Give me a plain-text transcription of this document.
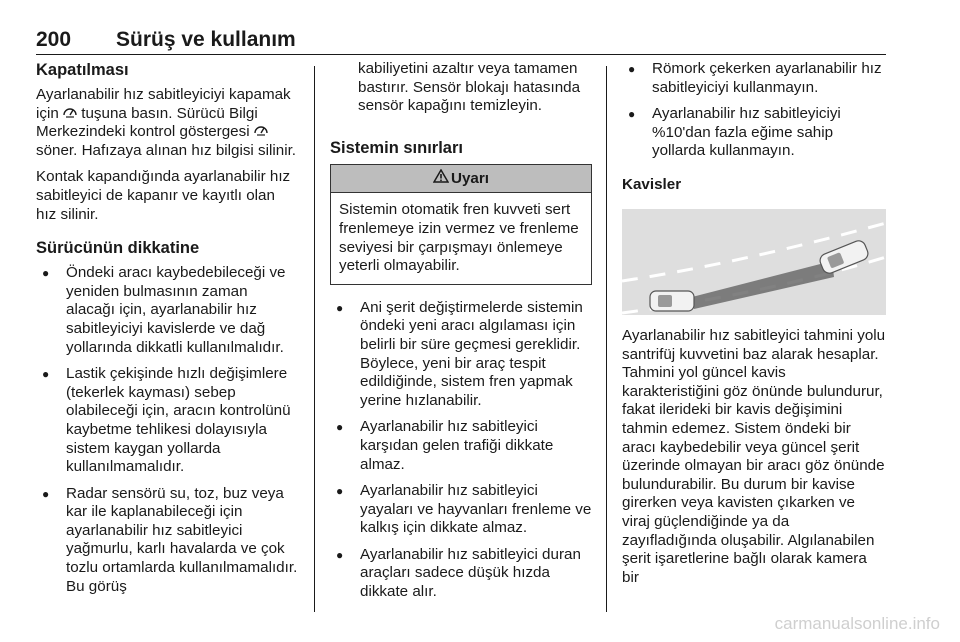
200 Sürüş ve kullanım
Kapatılması

Ayarlanabilir hız sabitleyiciyi kapamak için tuşuna basın. Sürücü Bilgi Merkezindeki kontrol göstergesi  söner. Hafızaya alınan hız bilgisi silinir.

Kontak kapandığında ayarlanabilir hız sabitleyici de kapanır ve kayıtlı olan hız silinir.

Sürücünün dikkatine
● Öndeki aracı kaybedebileceği ve yeniden bulmasının zaman alacağı için, ayarlanabilir hız sabitleyiciyi kavislerde ve dağ yollarında dikkatli kullanılmalıdır.
● Lastik çekişinde hızlı değişimlere (tekerlek kayması) sebep olabileceği için, aracın kontrolünü kaybetme tehlikesi dolayısıyla sistem kaygan yollarda kullanılmamalıdır.
● Radar sensörü su, toz, buz veya kar ile kaplanabileceği için ayarlanabilir hız sabitleyici yağmurlu, karlı havalarda ve çok tozlu ortamlarda kullanılmamalıdır. Bu görüş

kabiliyetini azaltır veya tamamen bastırır. Sensör blokajı hatasında sensör kapağını temizleyin.

Sistemin sınırları
Uyarı
Sistemin otomatik fren kuvveti sert frenlemeye izin vermez ve frenleme seviyesi bir çarpışmayı önlemeye yeterli olmayabilir.
● Ani şerit değiştirmelerde sistemin öndeki yeni aracı algılaması için belirli bir süre geçmesi gereklidir. Böylece, yeni bir araç tespit edildiğinde, sistem fren yapmak yerine hızlanabilir.
● Ayarlanabilir hız sabitleyici karşıdan gelen trafiği dikkate almaz.
● Ayarlanabilir hız sabitleyici yayaları ve hayvanları frenleme ve kalkış için dikkate almaz.
● Ayarlanabilir hız sabitleyici duran araçları sadece düşük hızda dikkate alır.
● Römork çekerken ayarlanabilir hız sabitleyiciyi kullanmayın.
● Ayarlanabilir hız sabitleyiciyi %10'dan fazla eğime sahip yollarda kullanmayın.
Kavisler

Ayarlanabilir hız sabitleyici tahmini yolu santrifüj kuvvetini baz alarak hesaplar. Tahmini yol güncel kavis karakteristiğini göz önünde bulundurur, fakat ilerideki bir kavis değişimini tahmin edemez. Sistem öndeki bir aracı kaybedebilir veya güncel şerit üzerinde olmayan bir aracı göz önünde bulundurabilir. Bu durum bir kavise girerken veya kavisten çıkarken ve viraj güçlendiğinde ya da zayıfladığında oluşabilir. Algılanabilen şerit işaretlerine bağlı olarak kamera bir

carmanualsonline.info
